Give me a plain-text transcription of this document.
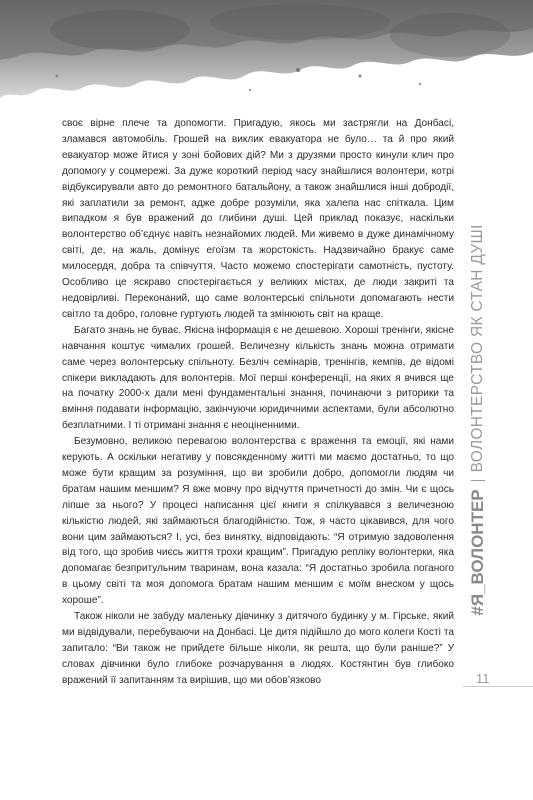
своє вірне плече та допомогти. Пригадую, якось ми застрягли на Донбасі, зламався автомобіль. Грошей на виклик евакуатора не було… та й про який евакуатор може йтися у зоні бойових дій? Ми з друзями просто кинули клич про допомогу у соцмережі. За дуже короткий період часу знайшлися волонтери, котрі відбуксирували авто до ремонтного батальйону, а також знайшлися інші добродії, які заплатили за ремонт, адже добре розуміли, яка халепа нас спіткала. Цим випадком я був вражений до глибини душі. Цей приклад показує, наскільки волонтерство об’єднує навіть незнайомих людей. Ми живемо в дуже динамічному світі, де, на жаль, домінує егоїзм та жорстокість. Надзвичайно бракує саме милосердя, добра та співчуття. Часто можемо спостерігати самотність, пустоту. Особливо це яскраво спостерігається у великих містах, де люди закриті та недовірливі. Переконаний, що саме волонтерські спільноти допомагають нести світло та добро, головне гуртують людей та змінюють світ на краще.

Багато знань не буває. Якісна інформація є не дешевою. Хороші тренінги, якісне навчання коштує чималих грошей. Величезну кількість знань можна отримати саме через волонтерську спільноту. Безліч семінарів, тренінгів, кемпів, де відомі спікери викладають для волонтерів. Мої перші конференції, на яких я вчився ще на початку 2000-х дали мені фундаментальні знання, починаючи з риторики та вміння подавати інформацію, закінчуючи юридичними аспектами, були абсолютно безплатними. І ті отримані знання є неоціненними.

Безумовно, великою перевагою волонтерства є враження та емоції, які нами керують. А оскільки негативу у повсякденному житті ми маємо достатньо, то що може бути кращим за розуміння, що ви зробили добро, допомогли людям чи братам нашим меншим? Я вже мовчу про відчуття причетності до змін. Чи є щось ліпше за нього? У процесі написання цієї книги я спілкувався з величезною кількістю людей, які займаються благодійністю. Тож, я часто цікавився, для чого вони цим займаються? І, усі, без винятку, відповідають: “Я отримую задоволення від того, що зробив чиєсь життя трохи кращим”. Пригадую репліку волонтерки, яка допомагає безпритульним тваринам, вона казала: “Я достатньо зробила поганого в цьому світі та моя допомога братам нашим меншим є моїм внеском у щось хороше”.

Також ніколи не забуду маленьку дівчинку з дитячого будинку у м. Гірське, який ми відвідували, перебуваючи на Донбасі. Це дитя підійшло до мого колеги Кості та запитало: “Ви також не прийдете більше ніколи, як решта, що були раніше?” У словах дівчинки було глибоке розчарування в людях. Костянтин був глибоко вражений її запитанням та вирішив, що ми обов’язково

#Я_ВОЛОНТЕР
ВОЛОНТЕРСТВО ЯК СТАН ДУШІ
11
